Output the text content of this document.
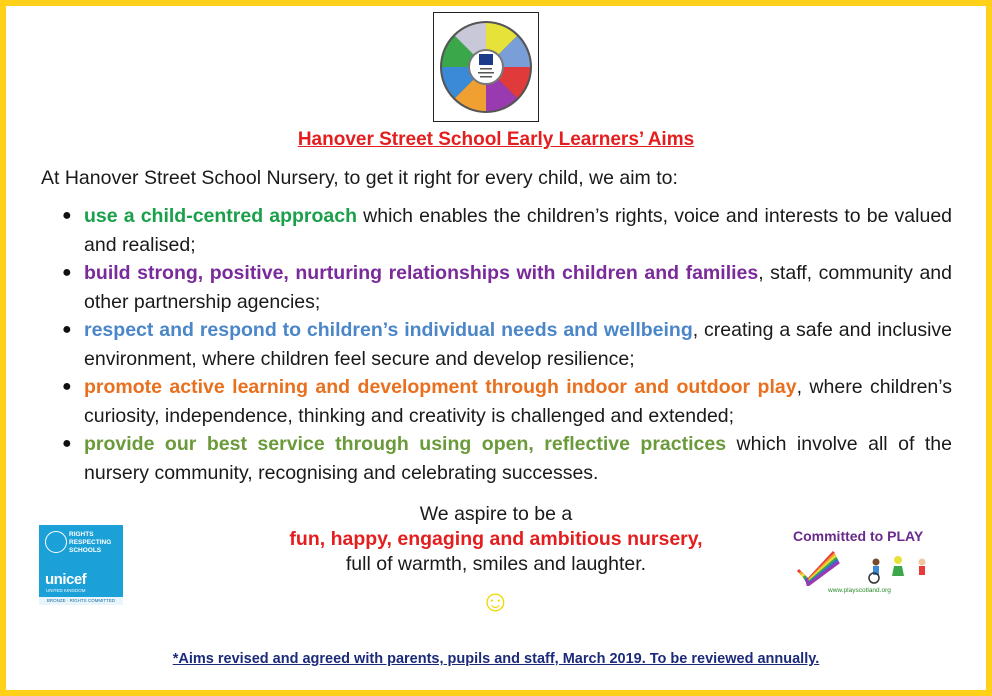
Hanover Street School Early Learners’ Aims
At Hanover Street School Nursery, to get it right for every child, we aim to:
● use a child-centred approach which enables the children’s rights, voice and interests to be valued and realised;
● build strong, positive, nurturing relationships with children and families, staff, community and other partnership agencies;
● respect and respond to children’s individual needs and wellbeing, creating a safe and inclusive environment, where children feel secure and develop resilience;
● promote active learning and development through indoor and outdoor play, where children’s curiosity, independence, thinking and creativity is challenged and extended;
● provide our best service through using open, reflective practices which involve all of the nursery community, recognising and celebrating successes.
RIGHTS
RESPECTING
SCHOOLS
unicef
UNITED KINGDOM
BRONZE · RIGHTS COMMITTED
We aspire to be a
fun, happy, engaging and ambitious nursery,
full of warmth, smiles and laughter.
☺
Committed to PLAY
www.playscotland.org
*Aims revised and agreed with parents, pupils and staff, March 2019. To be reviewed annually.
